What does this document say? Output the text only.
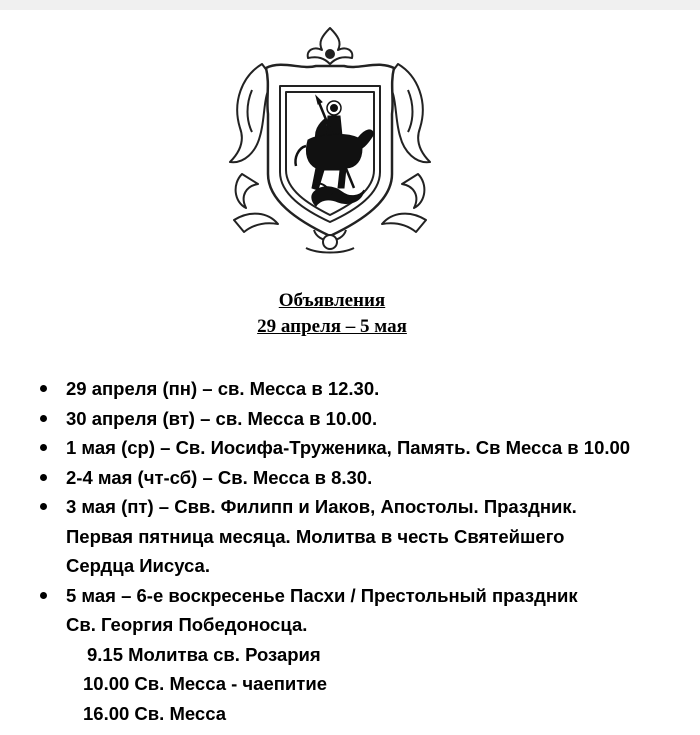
Объявления
29 апреля – 5 мая
29 апреля (пн) – св. Месса в 12.30.
30 апреля (вт) – св. Месса в 10.00.
1 мая (ср) – Св. Иосифа-Труженика, Память. Св Месса в 10.00
2-4 мая (чт-сб) – Св. Месса в 8.30.
3 мая (пт) – Свв. Филипп и Иаков, Апостолы. Праздник.
Первая пятница месяца. Молитва в честь Святейшего
Сердца Иисуса.
5 мая – 6-е воскресенье Пасхи / Престольный праздник
Св. Георгия Победоносца.
9.15 Молитва св. Розария
10.00 Св. Месса - чаепитие
16.00 Св. Месса
